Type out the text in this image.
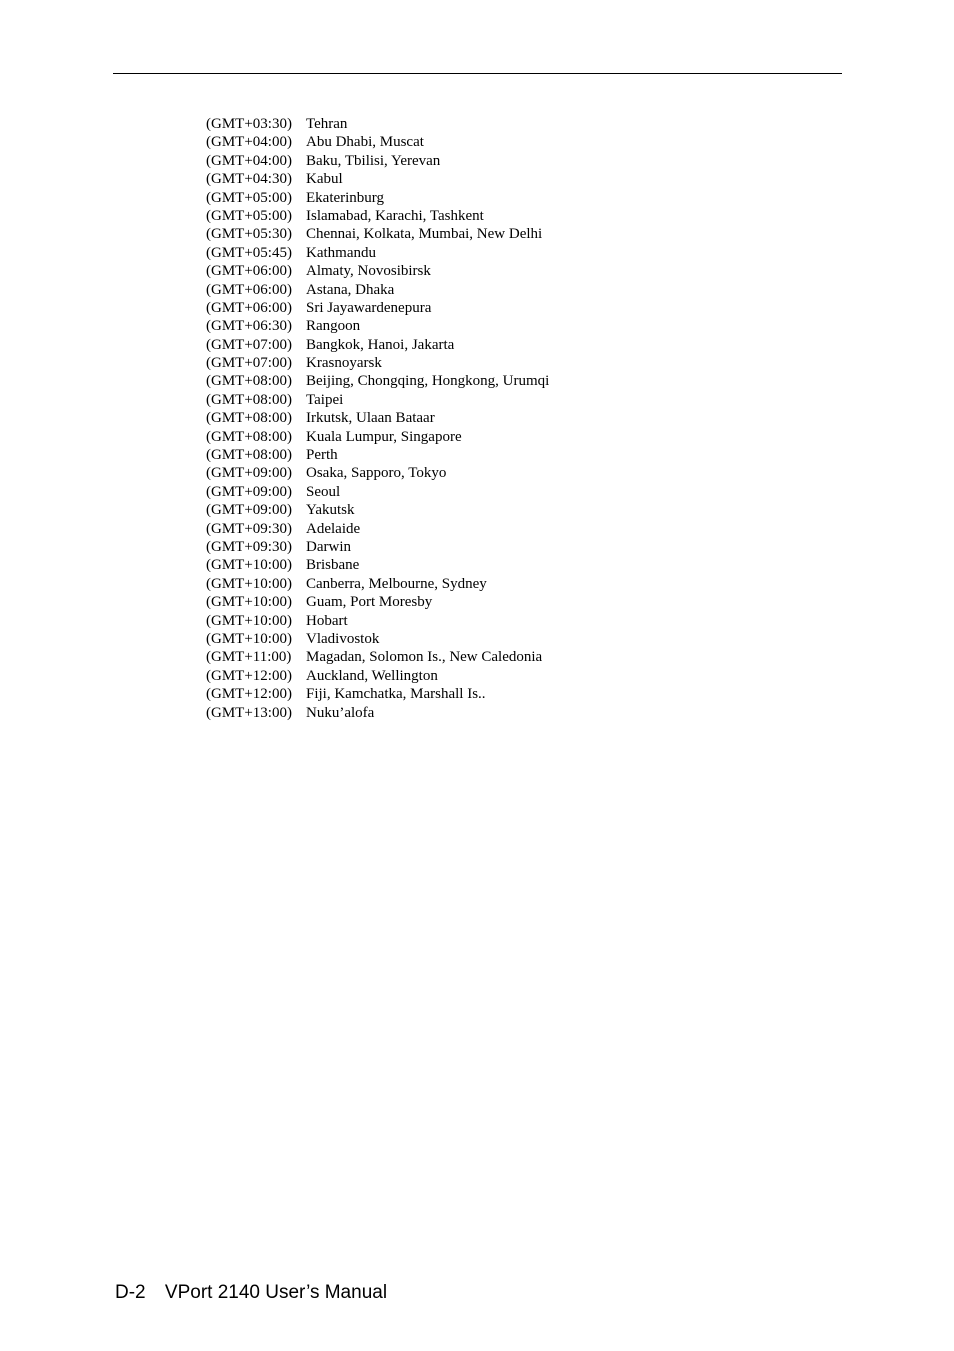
(GMT+03:30) Tehran
(GMT+04:00) Abu Dhabi, Muscat
(GMT+04:00) Baku, Tbilisi, Yerevan
(GMT+04:30) Kabul
(GMT+05:00) Ekaterinburg
(GMT+05:00) Islamabad, Karachi, Tashkent
(GMT+05:30) Chennai, Kolkata, Mumbai, New Delhi
(GMT+05:45) Kathmandu
(GMT+06:00) Almaty, Novosibirsk
(GMT+06:00) Astana, Dhaka
(GMT+06:00) Sri Jayawardenepura
(GMT+06:30) Rangoon
(GMT+07:00) Bangkok, Hanoi, Jakarta
(GMT+07:00) Krasnoyarsk
(GMT+08:00) Beijing, Chongqing, Hongkong, Urumqi
(GMT+08:00) Taipei
(GMT+08:00) Irkutsk, Ulaan Bataar
(GMT+08:00) Kuala Lumpur, Singapore
(GMT+08:00) Perth
(GMT+09:00) Osaka, Sapporo, Tokyo
(GMT+09:00) Seoul
(GMT+09:00) Yakutsk
(GMT+09:30) Adelaide
(GMT+09:30) Darwin
(GMT+10:00) Brisbane
(GMT+10:00) Canberra, Melbourne, Sydney
(GMT+10:00) Guam, Port Moresby
(GMT+10:00) Hobart
(GMT+10:00) Vladivostok
(GMT+11:00) Magadan, Solomon Is., New Caledonia
(GMT+12:00) Auckland, Wellington
(GMT+12:00) Fiji, Kamchatka, Marshall Is..
(GMT+13:00) Nuku’alofa
D-2 VPort 2140 User’s Manual
